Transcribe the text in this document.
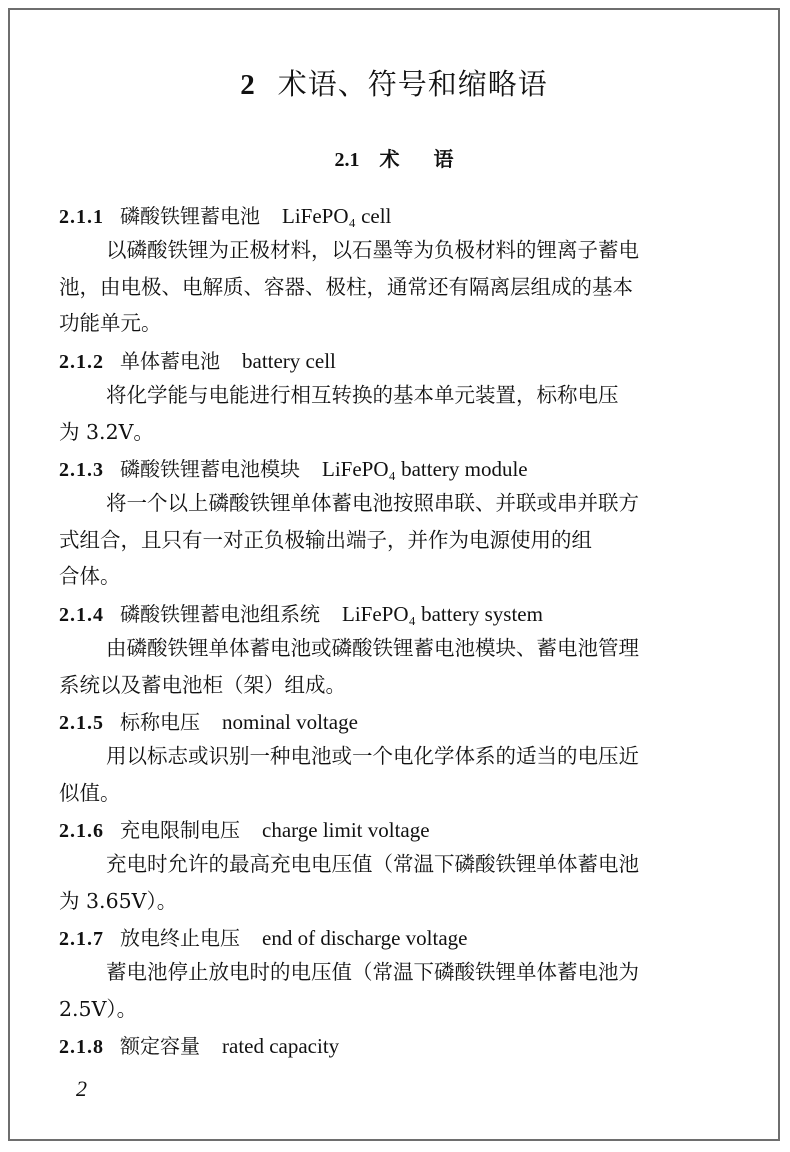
2 术语、符号和缩略语
2.1 术 语
2.1.1 磷酸铁锂蓄电池 LiFePO₄ cell
以磷酸铁锂为正极材料，以石墨等为负极材料的锂离子蓄电
池，由电极、电解质、容器、极柱，通常还有隔离层组成的基本
功能单元。
2.1.2 单体蓄电池 battery cell
将化学能与电能进行相互转换的基本单元装置，标称电压
为 3.2V。
2.1.3 磷酸铁锂蓄电池模块 LiFePO₄ battery module
将一个以上磷酸铁锂单体蓄电池按照串联、并联或串并联方
式组合，且只有一对正负极输出端子，并作为电源使用的组
合体。
2.1.4 磷酸铁锂蓄电池组系统 LiFePO₄ battery system
由磷酸铁锂单体蓄电池或磷酸铁锂蓄电池模块、蓄电池管理
系统以及蓄电池柜（架）组成。
2.1.5 标称电压 nominal voltage
用以标志或识别一种电池或一个电化学体系的适当的电压近
似值。
2.1.6 充电限制电压 charge limit voltage
充电时允许的最高充电电压值（常温下磷酸铁锂单体蓄电池
为 3.65V）。
2.1.7 放电终止电压 end of discharge voltage
蓄电池停止放电时的电压值（常温下磷酸铁锂单体蓄电池为
2.5V）。
2.1.8 额定容量 rated capacity
2
